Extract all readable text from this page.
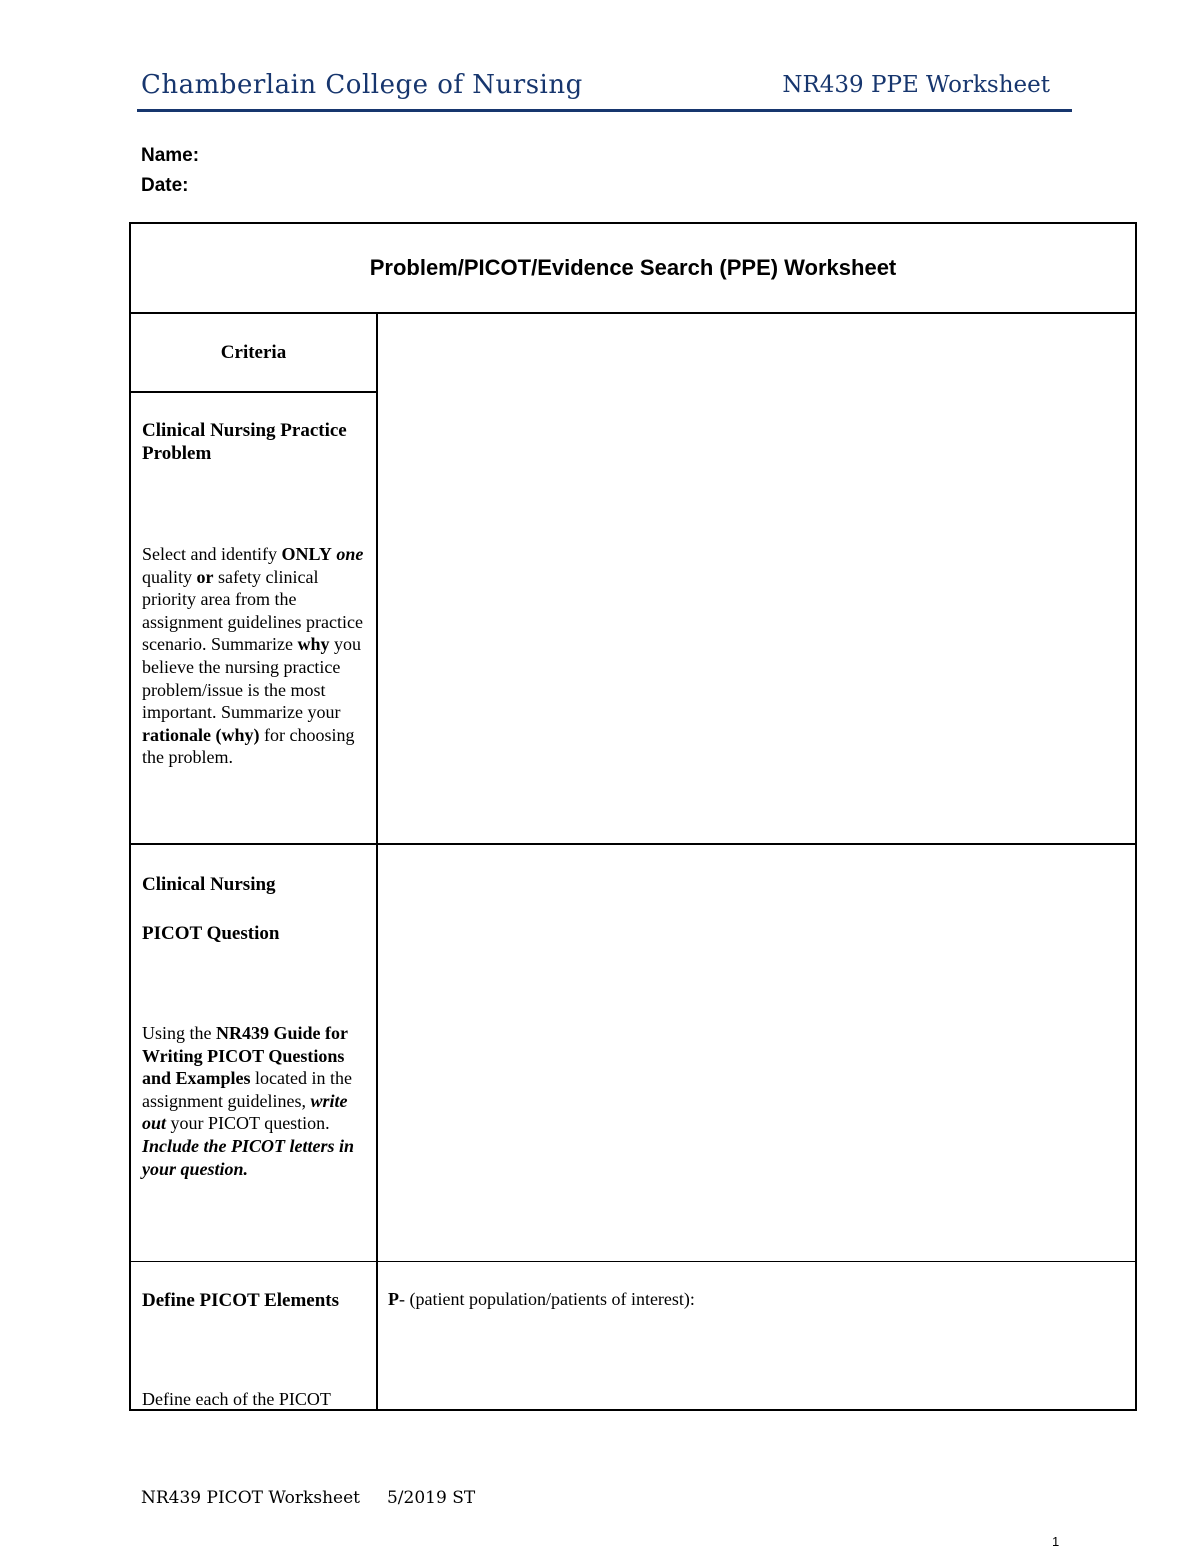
Chamberlain College of Nursing	NR439 PPE Worksheet
Name:
Date:
Problem/PICOT/Evidence Search (PPE) Worksheet
Criteria

Clinical Nursing Practice Problem

Select and identify ONLY one quality or safety clinical priority area from the assignment guidelines practice scenario. Summarize why you believe the nursing practice problem/issue is the most important. Summarize your rationale (why) for choosing the problem.

Clinical Nursing

PICOT Question

Using the NR439 Guide for Writing PICOT Questions and Examples located in the assignment guidelines, write out your PICOT question. Include the PICOT letters in your question.

Define PICOT Elements

Define each of the PICOT

P- (patient population/patients of interest):
NR439 PICOT Worksheet     5/2019 ST
1
